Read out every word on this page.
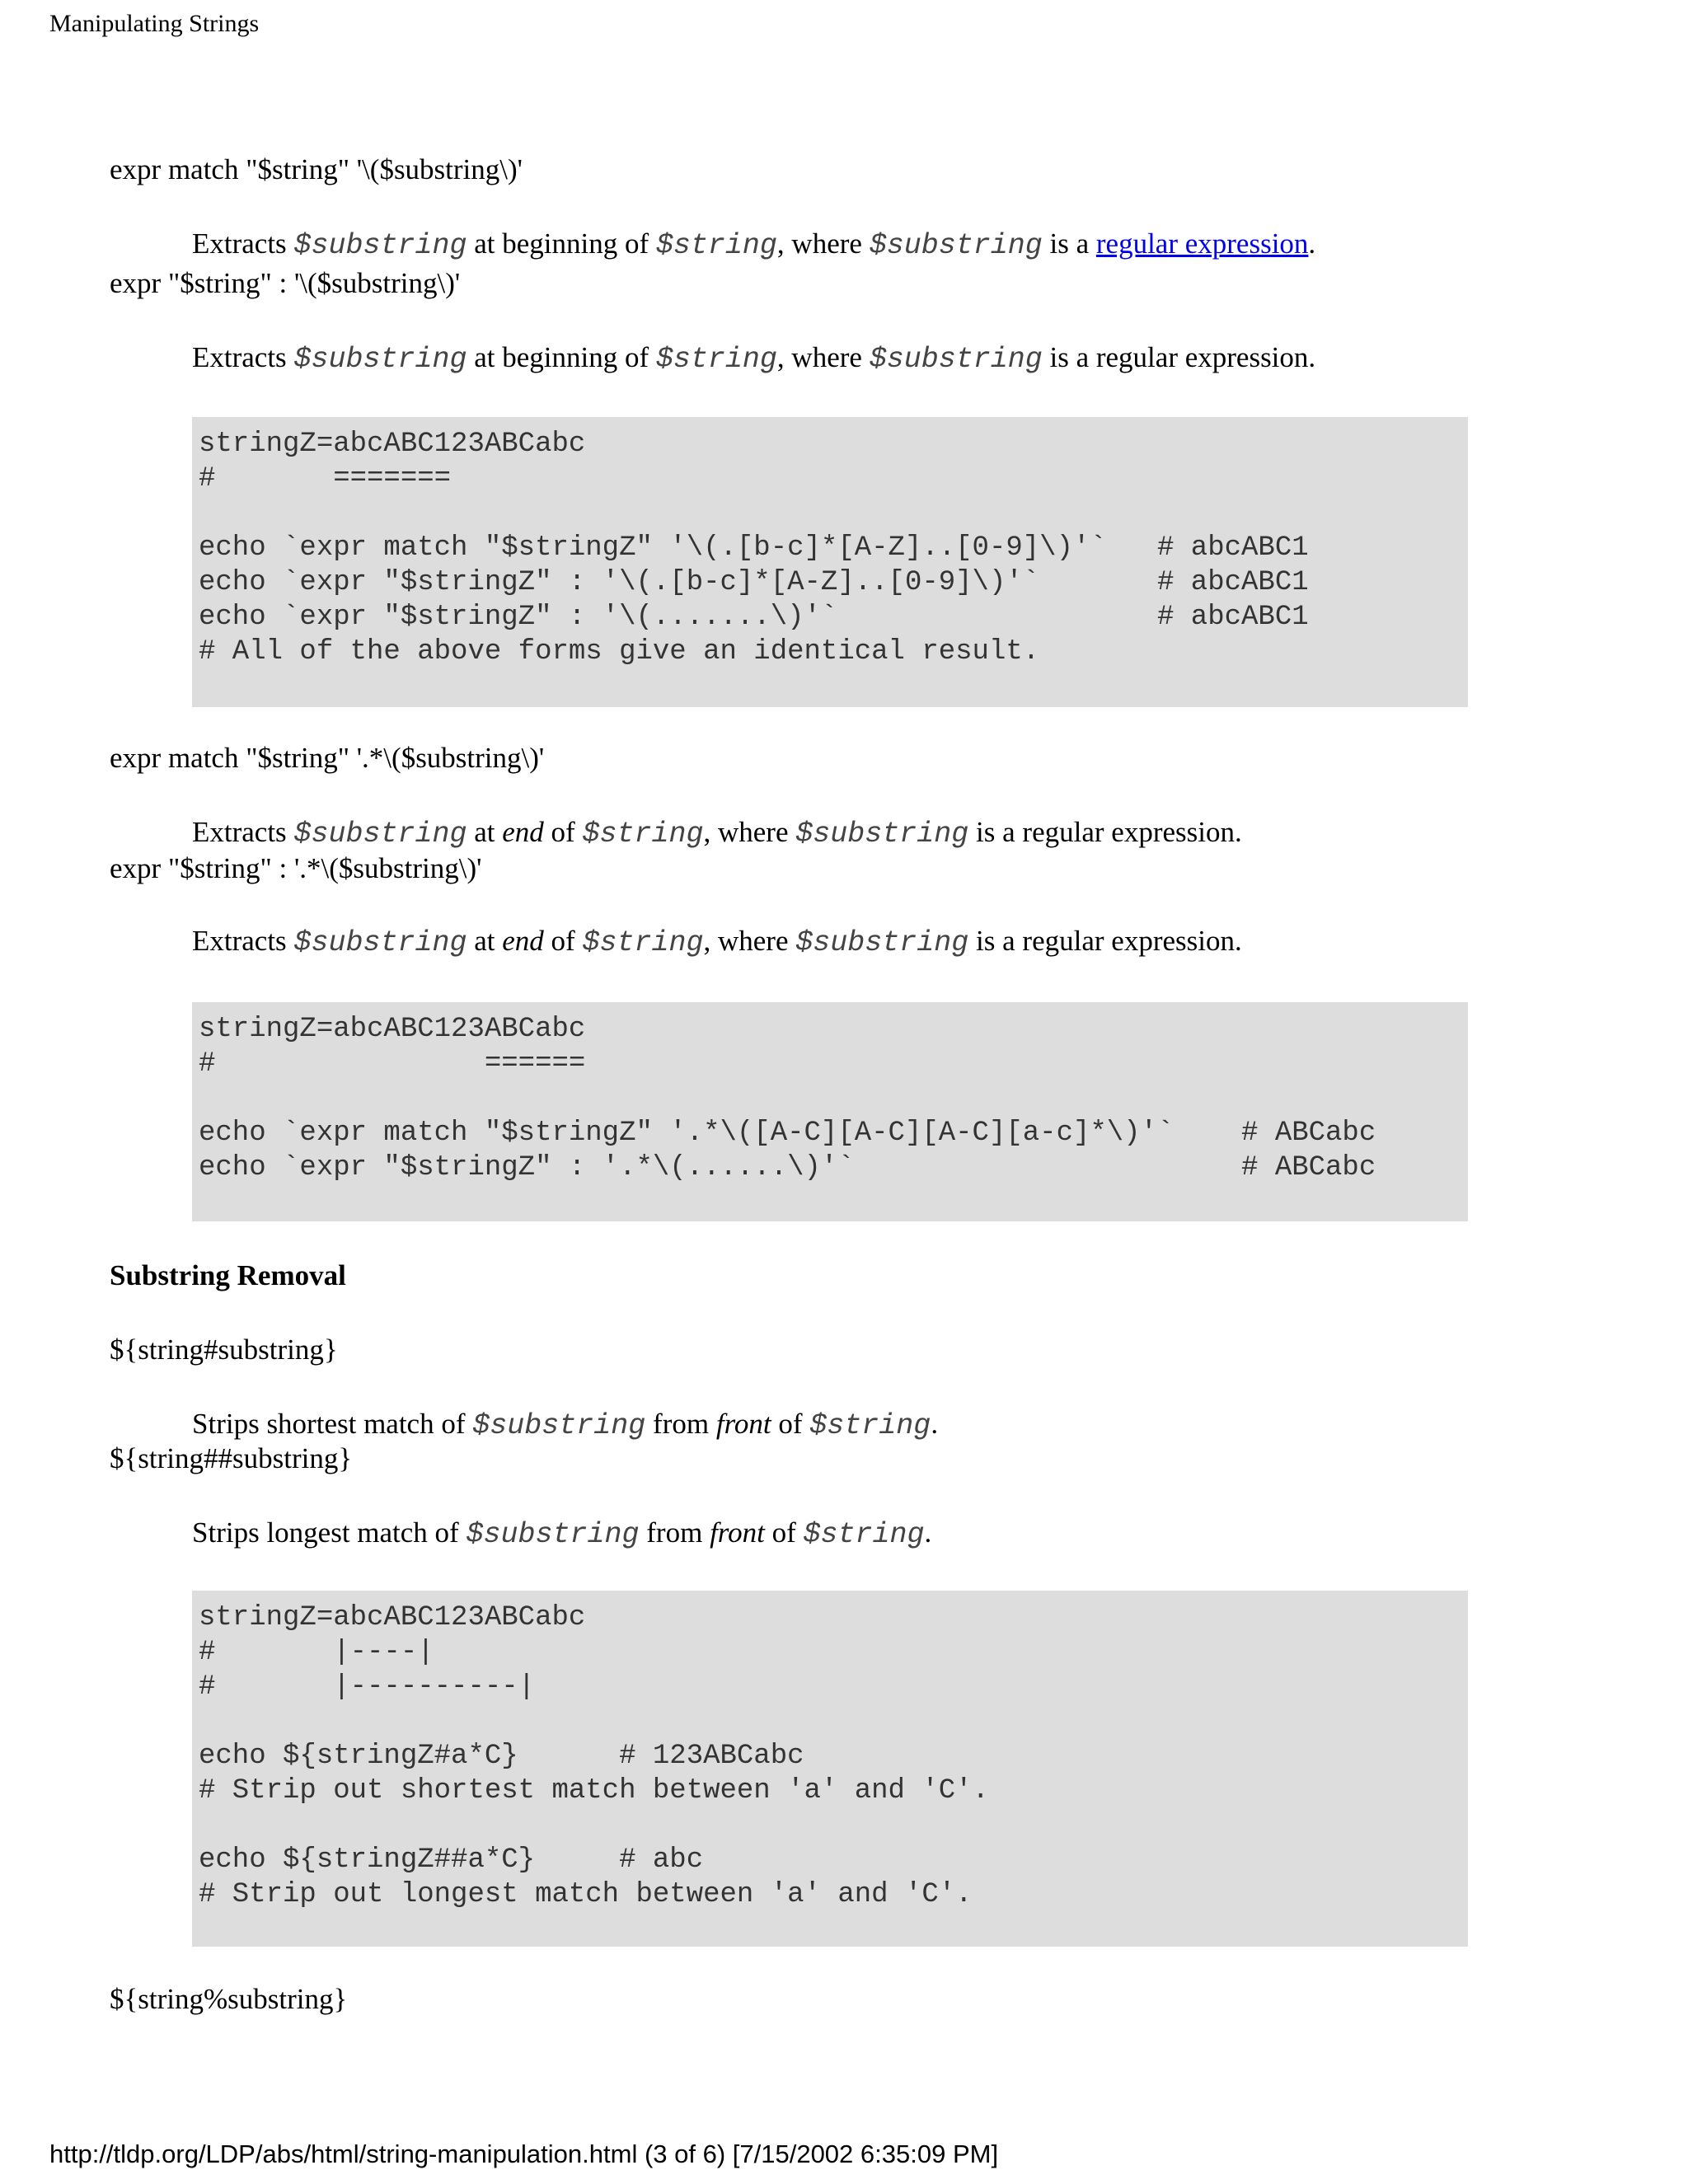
Manipulating Strings
expr match "$string" '\($substring\)'
Extracts $substring at beginning of $string, where $substring is a regular expression.
expr "$string" : '\($substring\)'
Extracts $substring at beginning of $string, where $substring is a regular expression.
stringZ=abcABC123ABCabc
#       =======
echo `expr match "$stringZ" '\(.[b-c]*[A-Z]..[0-9]\)'`   # abcABC1
echo `expr "$stringZ" : '\(.[b-c]*[A-Z]..[0-9]\)'`       # abcABC1
echo `expr "$stringZ" : '\(.......\)'`                   # abcABC1
# All of the above forms give an identical result.
expr match "$string" '.*\($substring\)'
Extracts $substring at end of $string, where $substring is a regular expression.
expr "$string" : '.*\($substring\)'
Extracts $substring at end of $string, where $substring is a regular expression.
stringZ=abcABC123ABCabc
#                ======
echo `expr match "$stringZ" '.*\([A-C][A-C][A-C][a-c]*\)'`    # ABCabc
echo `expr "$stringZ" : '.*\(......\)'`                       # ABCabc
Substring Removal
${string#substring}
Strips shortest match of $substring from front of $string.
${string##substring}
Strips longest match of $substring from front of $string.
stringZ=abcABC123ABCabc
#       |----|
#       |----------|
echo ${stringZ#a*C}      # 123ABCabc
# Strip out shortest match between 'a' and 'C'.
echo ${stringZ##a*C}     # abc
# Strip out longest match between 'a' and 'C'.
${string%substring}
http://tldp.org/LDP/abs/html/string-manipulation.html (3 of 6) [7/15/2002 6:35:09 PM]
